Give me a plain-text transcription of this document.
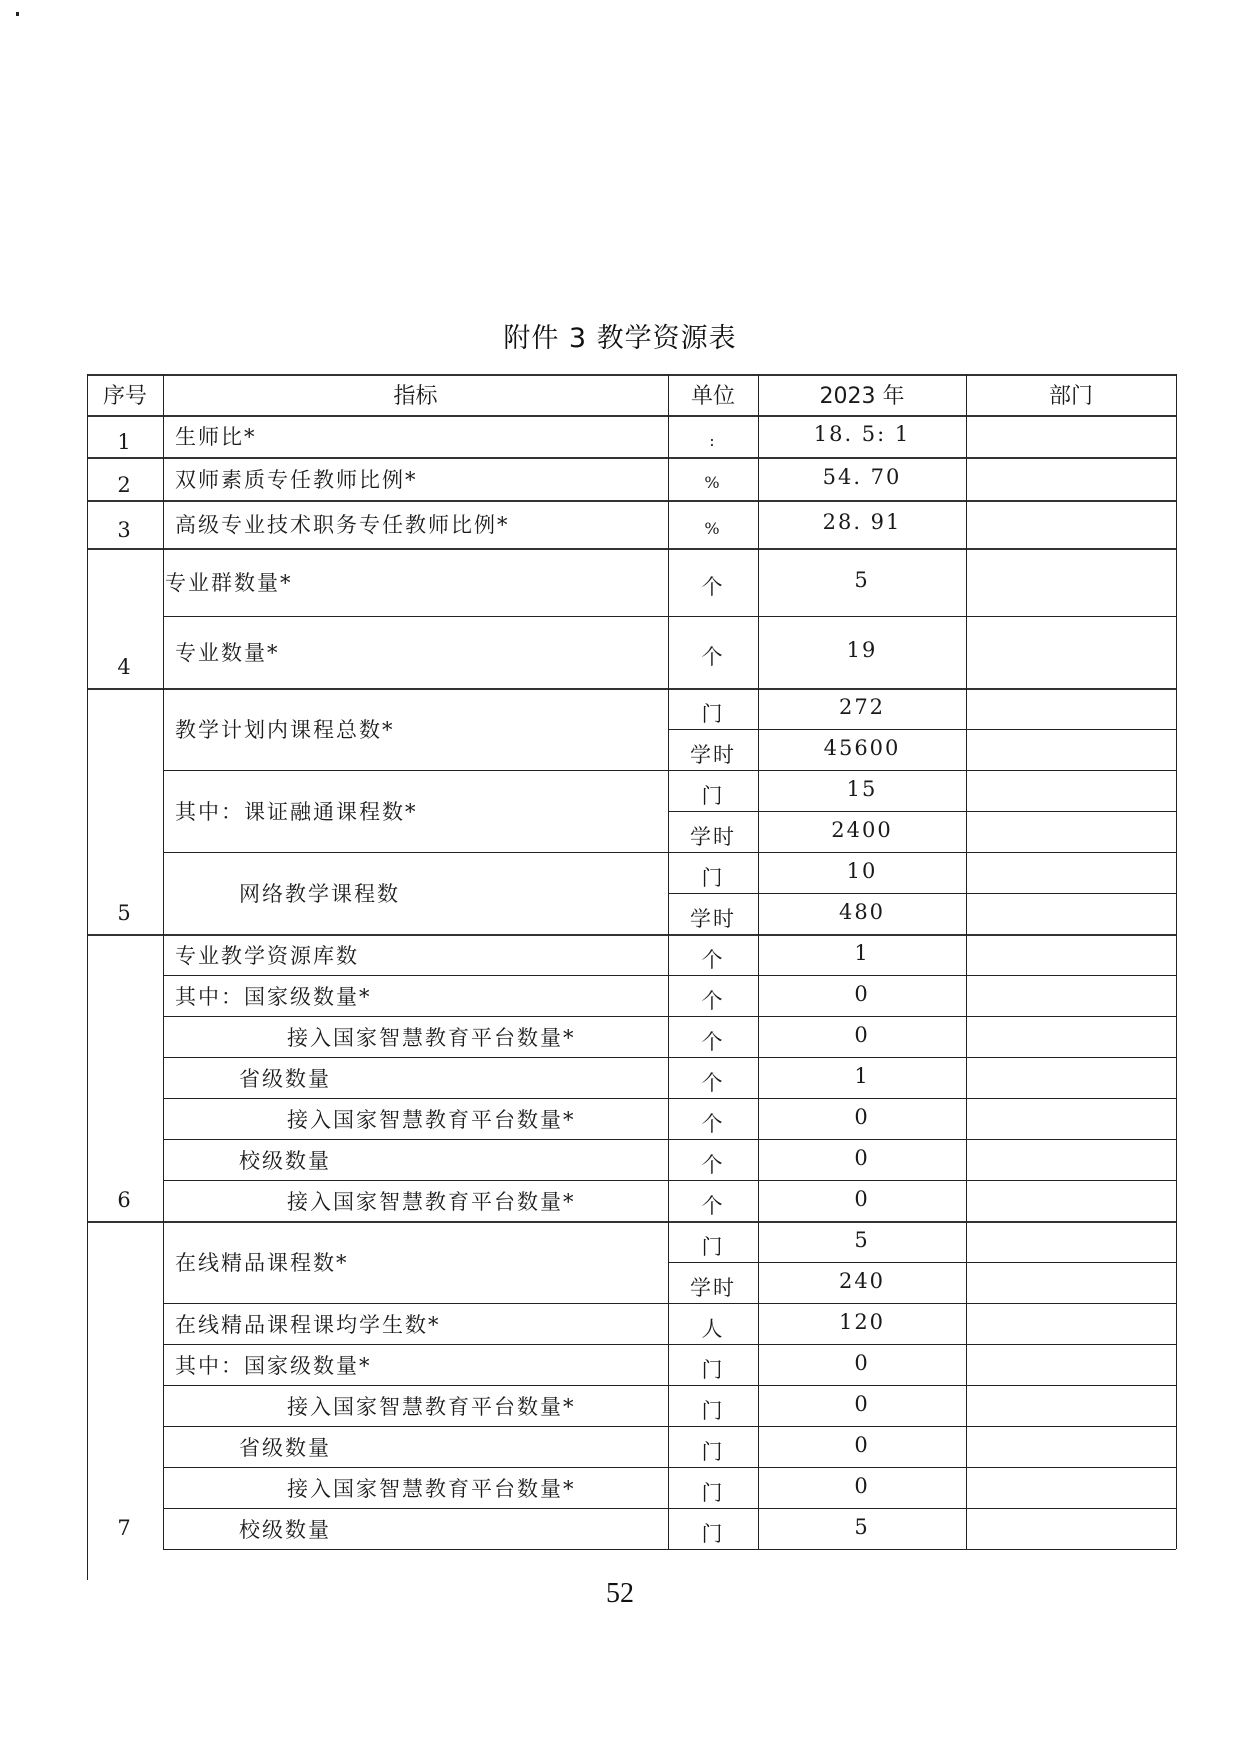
附件 3 教学资源表
序号	指标	单位	2023 年	部门
1	生师比*	:	18. 5: 1
2	双师素质专任教师比例*	%	54. 70
3	高级专业技术职务专任教师比例*	%	28. 91
4
专业群数量*	个	5
专业数量*	个	19
5
教学计划内课程总数*
门	272
学时	45600
其中：课证融通课程数*
门	15
学时	2400
网络教学课程数
门	10
学时	480
6
专业教学资源库数	个	1
其中：国家级数量*	个	0
接入国家智慧教育平台数量*	个	0
省级数量	个	1
接入国家智慧教育平台数量*	个	0
校级数量	个	0
接入国家智慧教育平台数量*	个	0
7
在线精品课程数*
门	5
学时	240
在线精品课程课均学生数*	人	120
其中：国家级数量*	门	0
接入国家智慧教育平台数量*	门	0
省级数量	门	0
接入国家智慧教育平台数量*	门	0
校级数量	门	5
52
